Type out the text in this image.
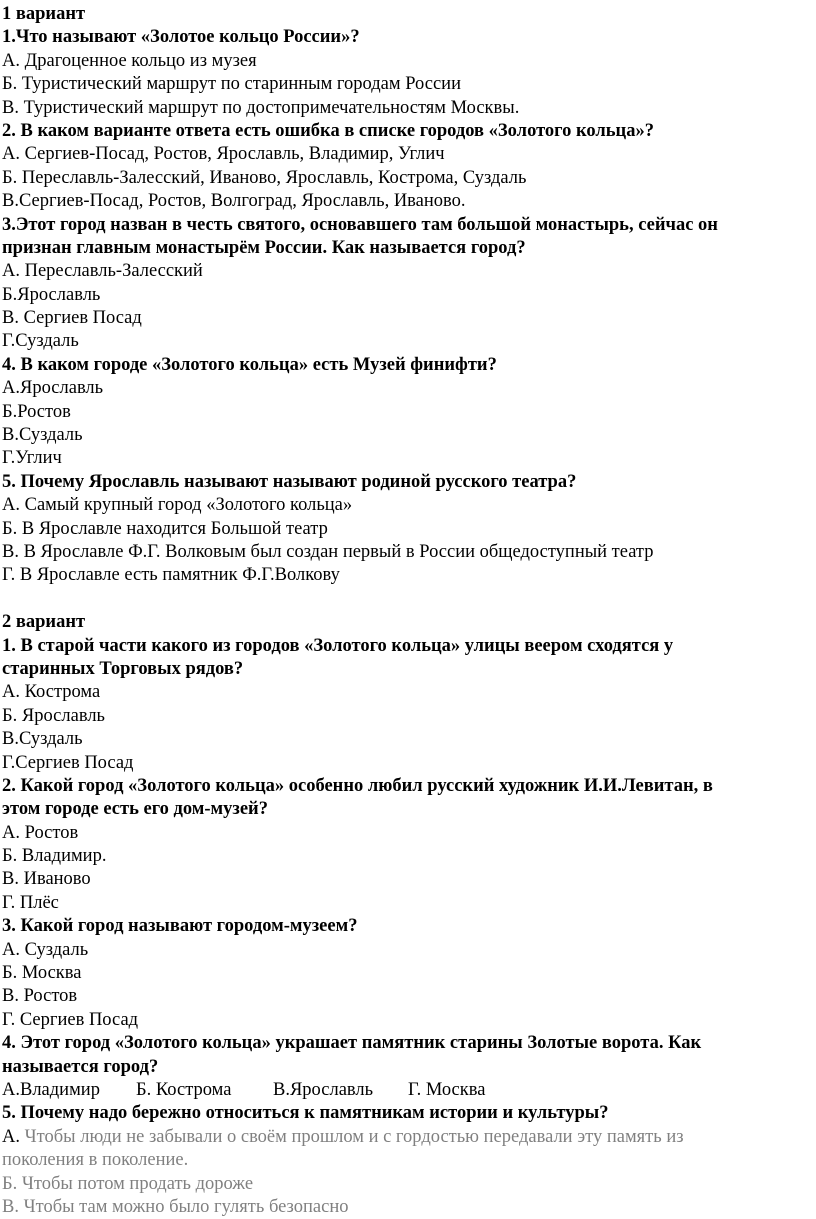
1 вариант
1.Что называют «Золотое кольцо России»?
А. Драгоценное кольцо из музея
Б. Туристический маршрут по старинным городам России
В. Туристический маршрут по достопримечательностям Москвы.
2. В каком варианте ответа есть ошибка в списке городов «Золотого кольца»?
А. Сергиев-Посад, Ростов, Ярославль, Владимир, Углич
Б. Переславль-Залесский, Иваново, Ярославль, Кострома, Суздаль
В.Сергиев-Посад, Ростов, Волгоград, Ярославль, Иваново.
3.Этот город назван в честь святого, основавшего там большой монастырь, сейчас он
признан главным монастырём России. Как называется город?
А. Переславль-Залесский
Б.Ярославль
В. Сергиев Посад
Г.Суздаль
4. В каком городе «Золотого кольца» есть Музей финифти?
А.Ярославль
Б.Ростов
В.Суздаль
Г.Углич
5. Почему Ярославль называют называют родиной русского театра?
А. Самый крупный город «Золотого кольца»
Б. В Ярославле находится Большой театр
В. В Ярославле Ф.Г. Волковым был создан первый в России общедоступный театр
Г. В Ярославле есть памятник Ф.Г.Волкову
2 вариант
1. В старой части какого из городов «Золотого кольца» улицы веером сходятся у
старинных Торговых рядов?
А. Кострома
Б. Ярославль
В.Суздаль
Г.Сергиев Посад
2. Какой город «Золотого кольца» особенно любил русский художник И.И.Левитан, в
этом городе есть его дом-музей?
А. Ростов
Б. Владимир.
В. Иваново
Г. Плёс
3. Какой город называют городом-музеем?
А. Суздаль
Б. Москва
В. Ростов
Г. Сергиев Посад
4. Этот город «Золотого кольца» украшает памятник старины Золотые ворота. Как
называется город?
А.Владимир Б. Кострома В.Ярославль Г. Москва
5. Почему надо бережно относиться к памятникам истории и культуры?
А. Чтобы люди не забывали о своём прошлом и с гордостью передавали эту память из
поколения в поколение.
Б. Чтобы потом продать дороже
В. Чтобы там можно было гулять безопасно
